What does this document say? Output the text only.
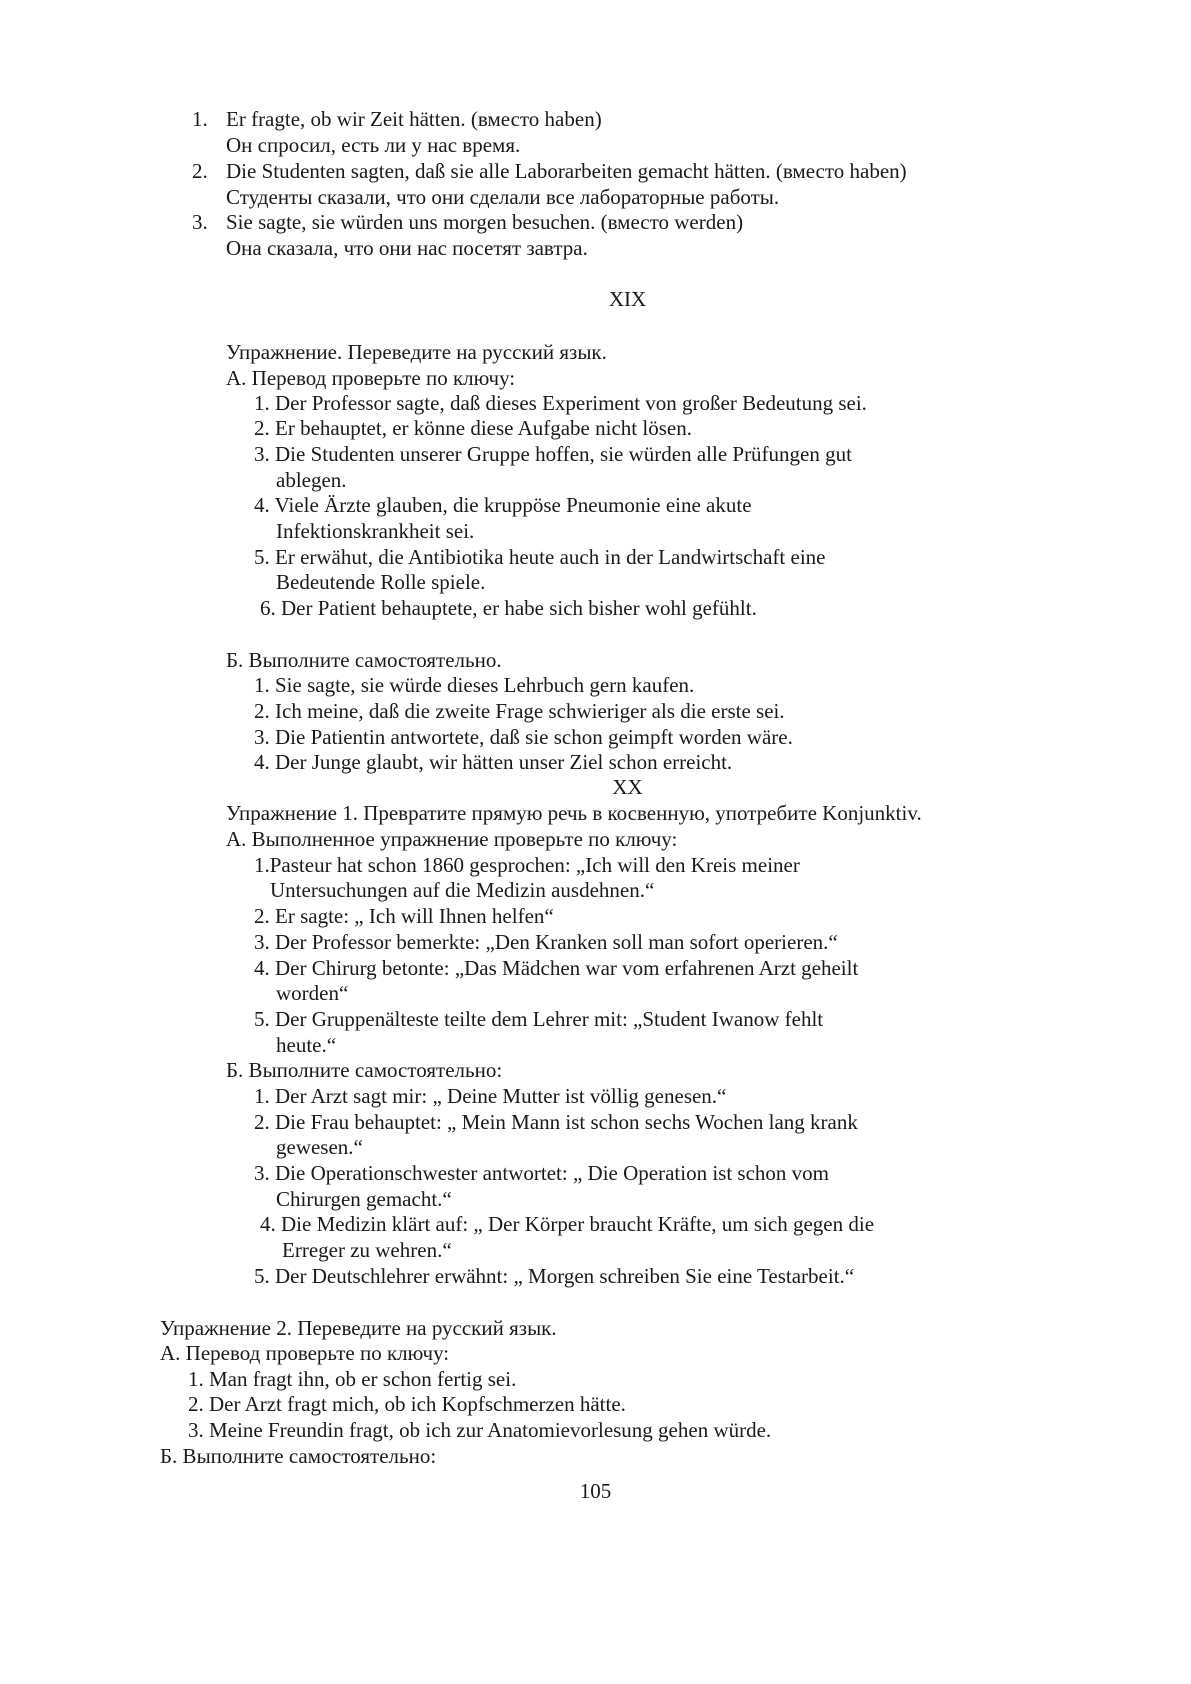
1. Er fragte, ob wir Zeit hätten. (вместо haben)
Он спросил, есть ли у нас время.
2. Die Studenten sagten, daß sie alle Laborarbeiten gemacht hätten. (вместо haben)
Студенты сказали, что они сделали все лабораторные работы.
3. Sie sagte, sie würden uns morgen besuchen. (вместо werden)
Она сказала, что они нас посетят завтра.
XIX
Упражнение. Переведите на русский язык.
А. Перевод проверьте по ключу:
1. Der Professor sagte, daß dieses Experiment von großer Bedeutung sei.
2. Er behauptet, er könne diese Aufgabe nicht lösen.
3. Die Studenten unserer Gruppe hoffen, sie würden alle Prüfungen gut
ablegen.
4. Viele Ärzte glauben, die kruppöse Pneumonie eine akute
Infektionskrankheit sei.
5. Er erwähut, die Antibiotika heute auch in der Landwirtschaft eine
Bedeutende Rolle spiele.
6. Der Patient behauptete, er habe sich bisher wohl gefühlt.
Б. Выполните самостоятельно.
1. Sie sagte, sie würde dieses Lehrbuch gern kaufen.
2. Ich meine, daß die zweite Frage schwieriger als die erste sei.
3. Die Patientin antwortete, daß sie schon geimpft worden wäre.
4. Der Junge glaubt, wir hätten unser Ziel schon erreicht.
XX
Упражнение 1. Превратите прямую речь в косвенную, употребите Konjunktiv.
А. Выполненное упражнение проверьте по ключу:
1.Pasteur hat schon 1860 gesprochen: „Ich will den Kreis meiner
Untersuchungen auf die Medizin ausdehnen.“
2. Er sagte: „ Ich will Ihnen helfen“
3. Der Professor bemerkte: „Den Kranken soll man sofort operieren.“
4. Der Chirurg betonte: „Das Mädchen war vom erfahrenen Arzt geheilt
worden“
5. Der Gruppenälteste teilte dem Lehrer mit: „Student Iwanow fehlt
heute.“
Б. Выполните самостоятельно:
1. Der Arzt sagt mir: „ Deine Mutter ist völlig genesen.“
2. Die Frau behauptet: „ Mein Mann ist schon sechs Wochen lang krank
gewesen.“
3. Die Operationschwester antwortet: „ Die Operation ist schon vom
Chirurgen gemacht.“
4. Die Medizin klärt auf: „ Der Körper braucht Kräfte, um sich gegen die
Erreger zu wehren.“
5. Der Deutschlehrer erwähnt: „ Morgen schreiben Sie eine Testarbeit.“
Упражнение 2. Переведите на русский язык.
А. Перевод проверьте по ключу:
1. Man fragt ihn, ob er schon fertig sei.
2. Der Arzt fragt mich, ob ich Kopfschmerzen hätte.
3. Meine Freundin fragt, ob ich zur Anatomievorlesung gehen würde.
Б. Выполните самостоятельно:
105
